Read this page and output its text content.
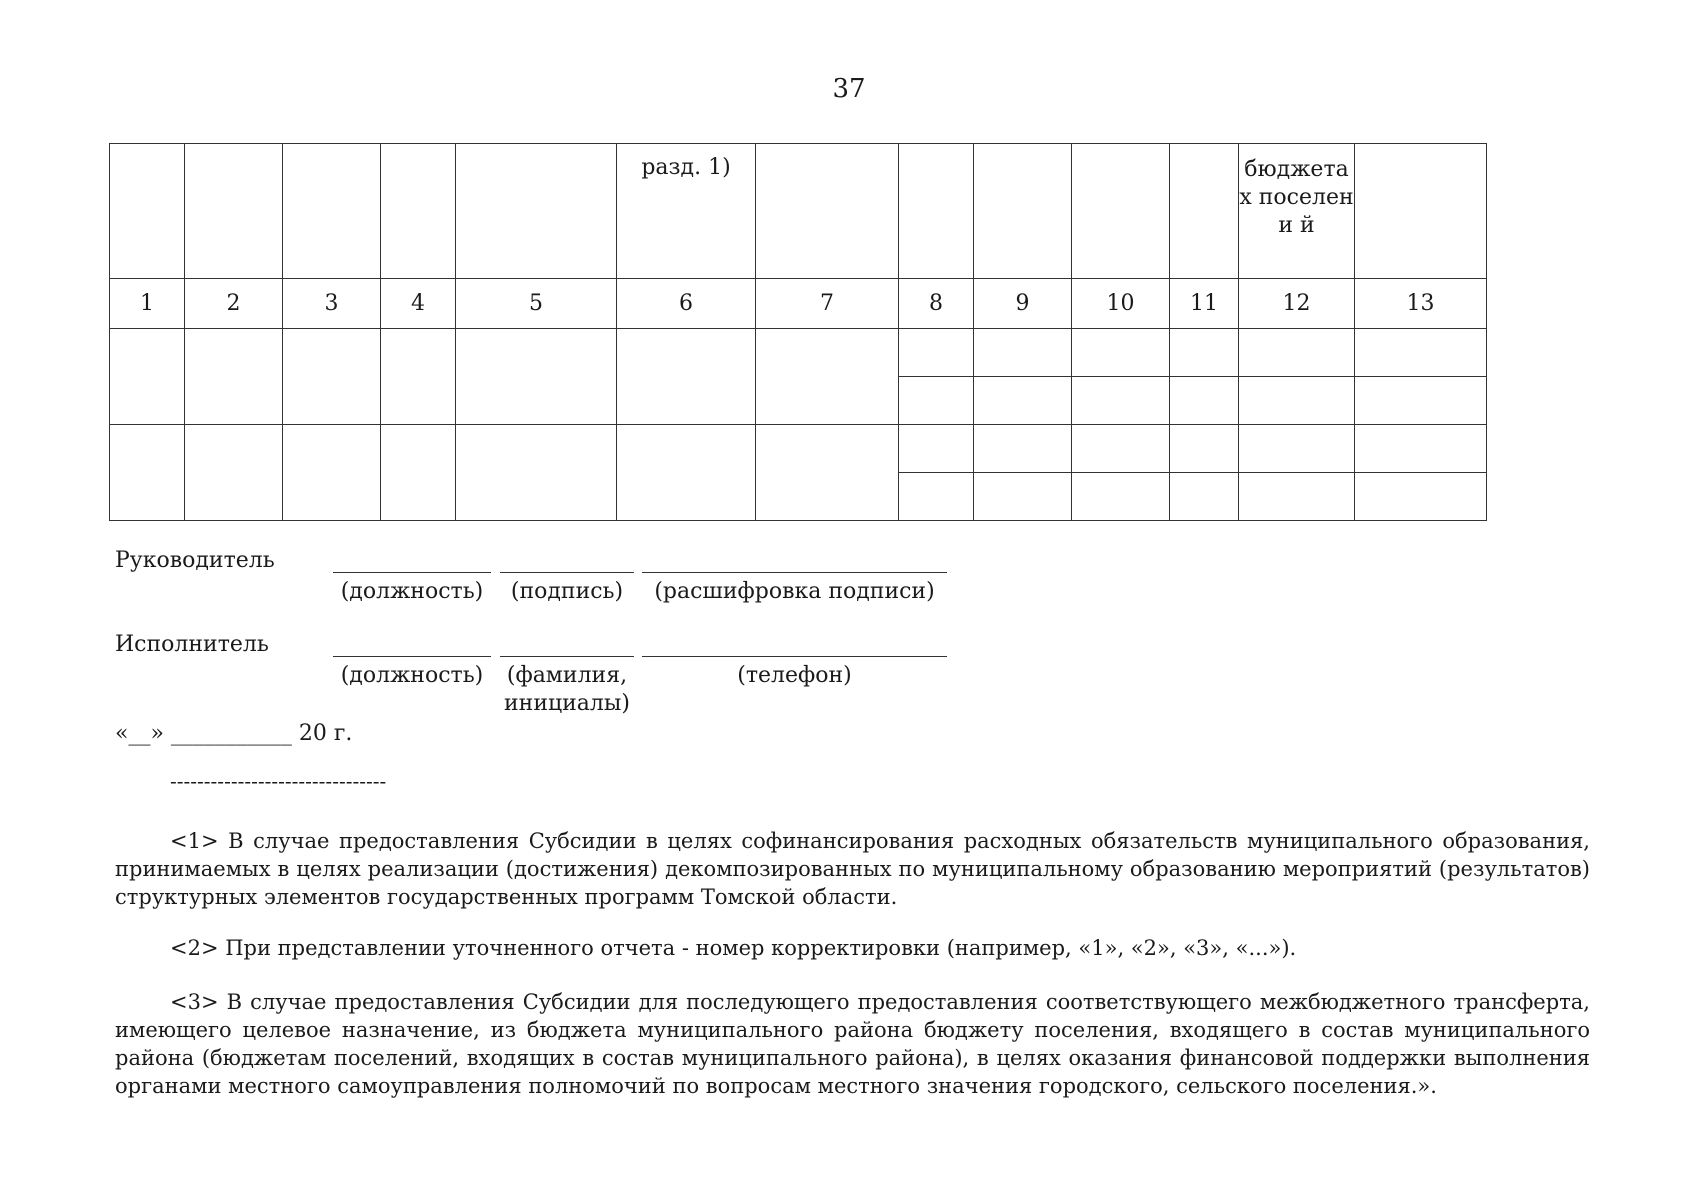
37
					разд. 1)						бюджета х поселени й	
1	2	3	4	5	6	7	8	9	10	11	12	13

Руководитель
(должность)	(подпись)	(расшифровка подписи)
Исполнитель
(должность)	(фамилия, инициалы)
(телефон)
«__» ___________ 20 г.
--------------------------------

<1> В случае предоставления Субсидии в целях софинансирования расходных обязательств муниципального образования, принимаемых в целях реализации (достижения) декомпозированных по муниципальному образованию мероприятий (результатов) структурных элементов государственных программ Томской области.

<2> При представлении уточненного отчета - номер корректировки (например, «1», «2», «3», «...»).

<3> В случае предоставления Субсидии для последующего предоставления соответствующего межбюджетного трансферта, имеющего целевое назначение, из бюджета муниципального района бюджету поселения, входящего в состав муниципального района (бюджетам поселений, входящих в состав муниципального района), в целях оказания финансовой поддержки выполнения органами местного самоуправления полномочий по вопросам местного значения городского, сельского поселения.».
